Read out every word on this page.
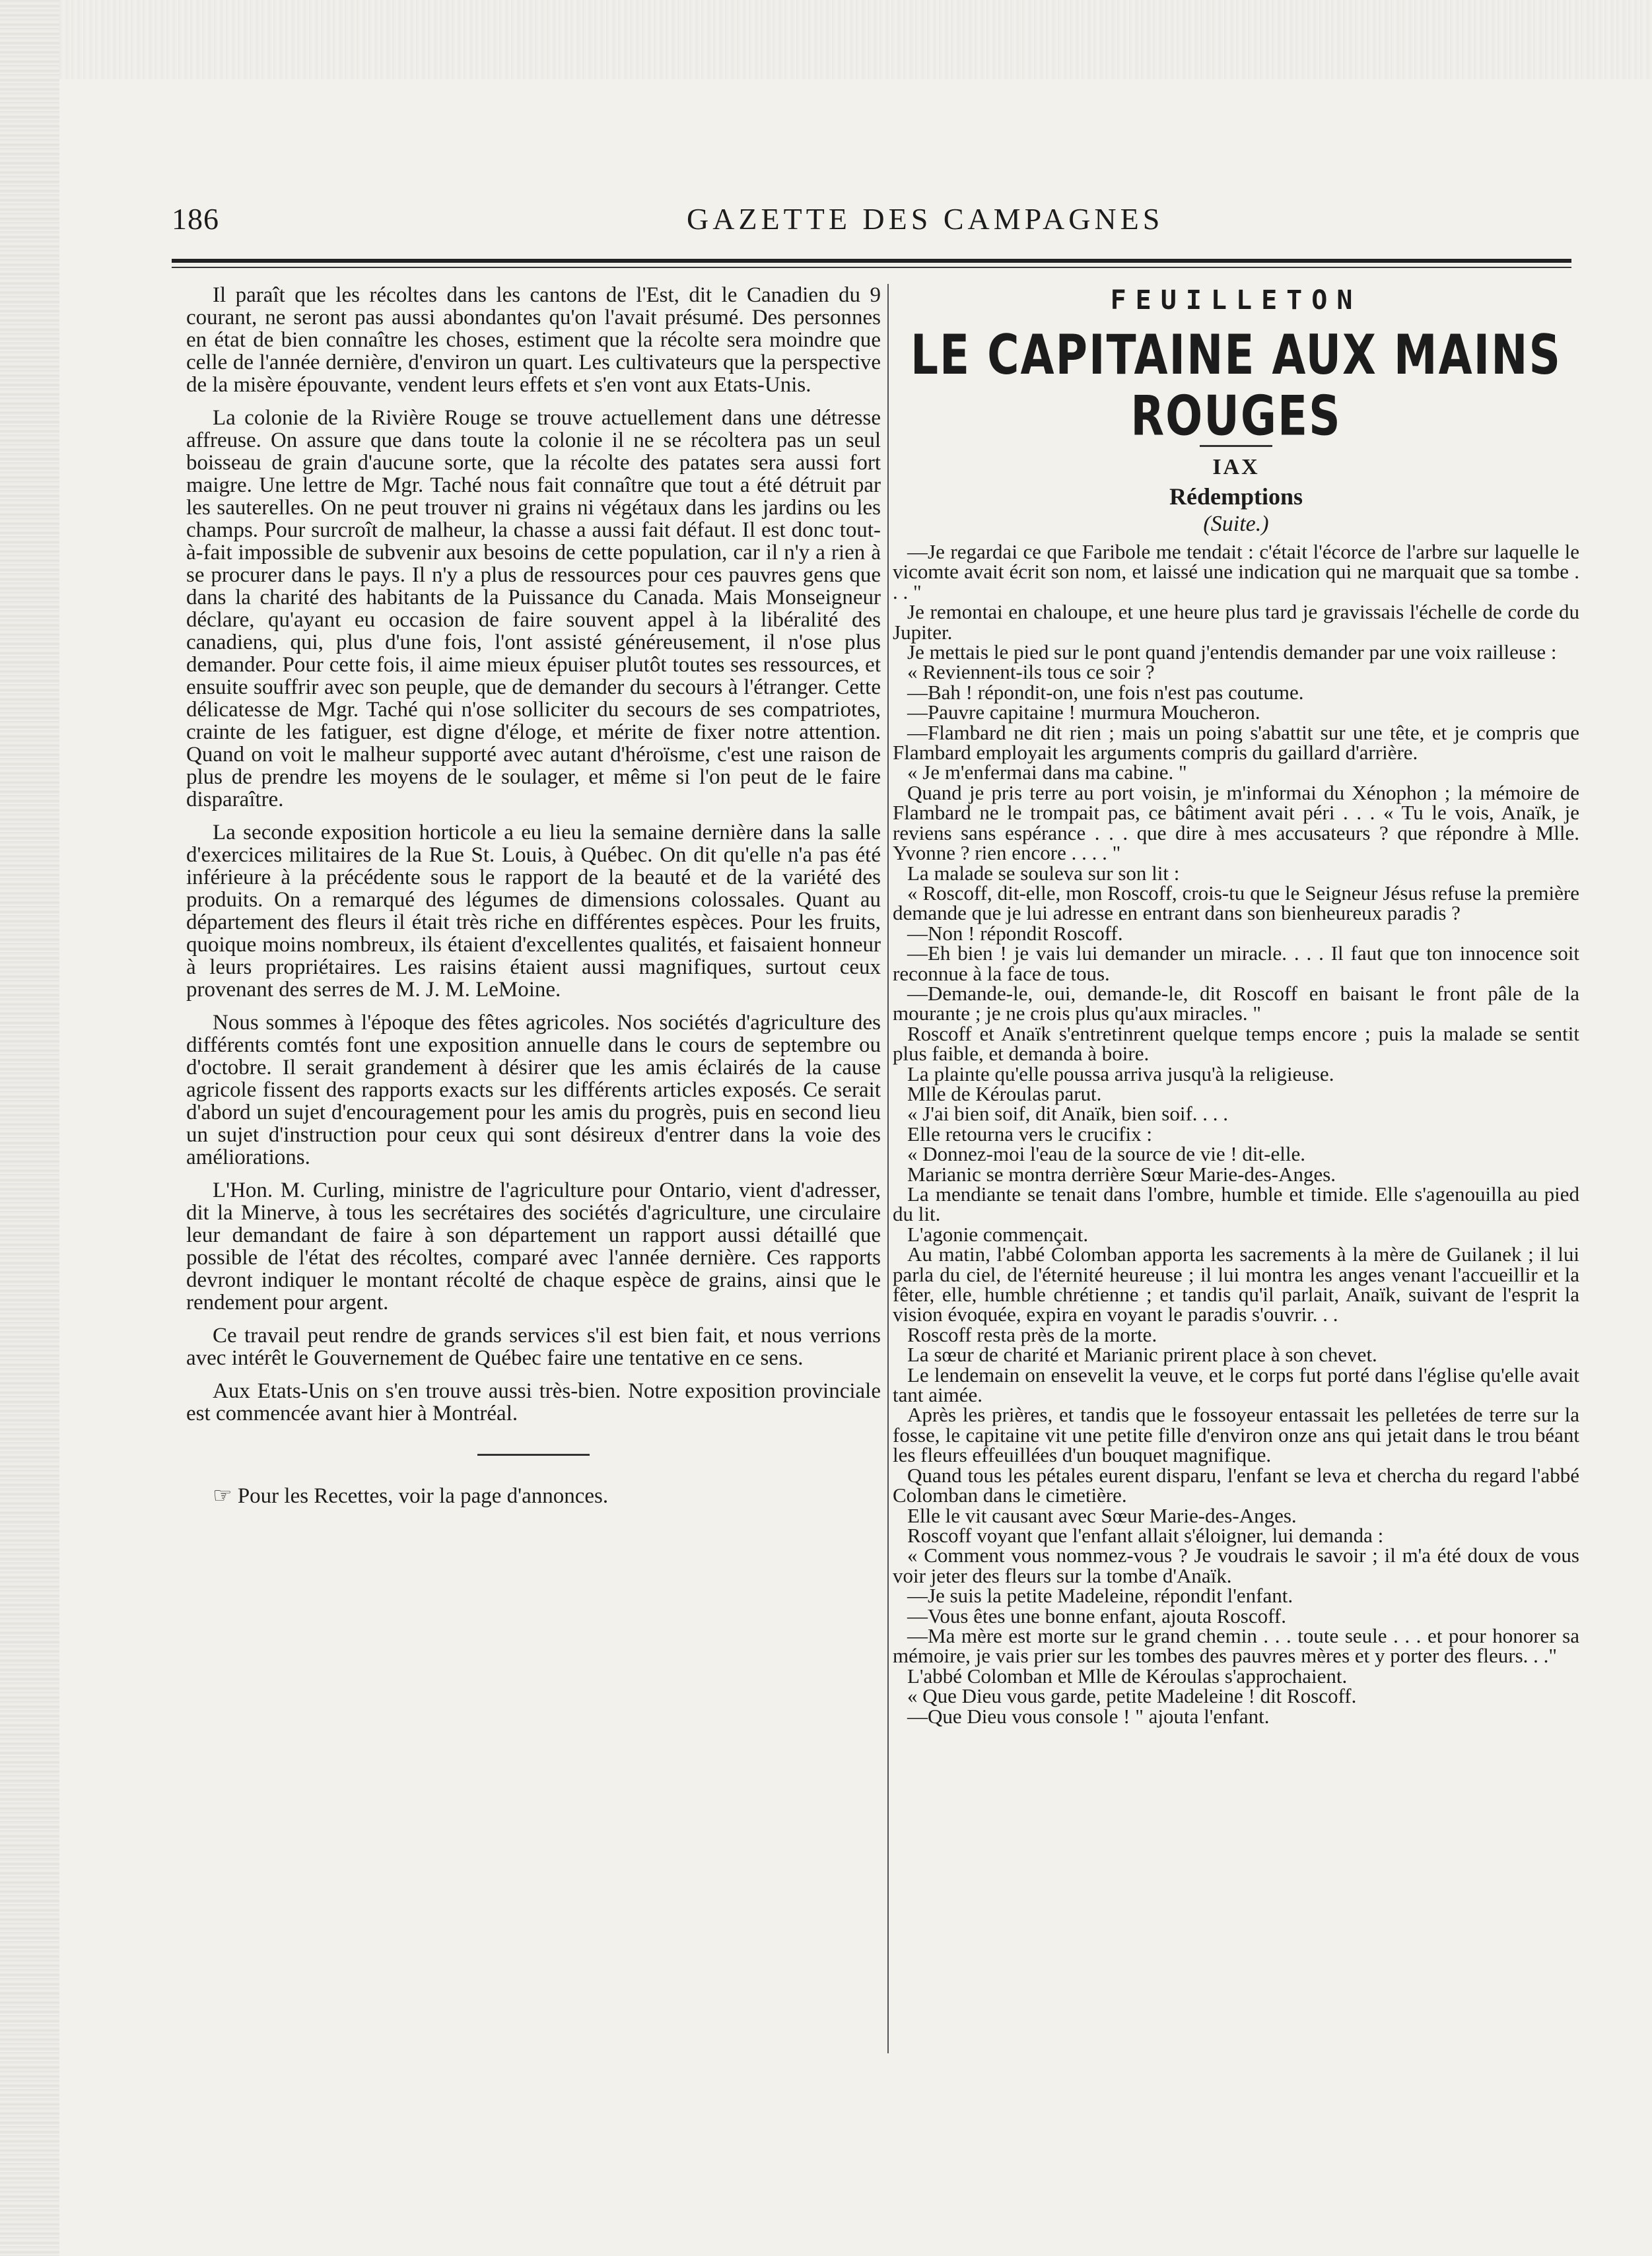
186	GAZETTE DES CAMPAGNES

Il paraît que les récoltes dans les cantons de l'Est, dit le Canadien du 9 courant, ne seront pas aussi abondantes qu'on l'avait présumé. Des personnes en état de bien connaître les choses, estiment que la récolte sera moindre que celle de l'année dernière, d'environ un quart. Les cultivateurs que la perspective de la misère épouvante, vendent leurs effets et s'en vont aux Etats-Unis.

La colonie de la Rivière Rouge se trouve actuellement dans une détresse affreuse. On assure que dans toute la colonie il ne se récoltera pas un seul boisseau de grain d'aucune sorte, que la récolte des patates sera aussi fort maigre. Une lettre de Mgr. Taché nous fait connaître que tout a été détruit par les sauterelles. On ne peut trouver ni grains ni végétaux dans les jardins ou les champs. Pour surcroît de malheur, la chasse a aussi fait défaut. Il est donc tout-à-fait impossible de subvenir aux besoins de cette population, car il n'y a rien à se procurer dans le pays. Il n'y a plus de ressources pour ces pauvres gens que dans la charité des habitants de la Puissance du Canada. Mais Monseigneur déclare, qu'ayant eu occasion de faire souvent appel à la libéralité des canadiens, qui, plus d'une fois, l'ont assisté généreusement, il n'ose plus demander. Pour cette fois, il aime mieux épuiser plutôt toutes ses ressources, et ensuite souffrir avec son peuple, que de demander du secours à l'étranger. Cette délicatesse de Mgr. Taché qui n'ose solliciter du secours de ses compatriotes, crainte de les fatiguer, est digne d'éloge, et mérite de fixer notre attention. Quand on voit le malheur supporté avec autant d'héroïsme, c'est une raison de plus de prendre les moyens de le soulager, et même si l'on peut de le faire disparaître.

La seconde exposition horticole a eu lieu la semaine dernière dans la salle d'exercices militaires de la Rue St. Louis, à Québec. On dit qu'elle n'a pas été inférieure à la précédente sous le rapport de la beauté et de la variété des produits. On a remarqué des légumes de dimensions colossales. Quant au département des fleurs il était très riche en différentes espèces. Pour les fruits, quoique moins nombreux, ils étaient d'excellentes qualités, et faisaient honneur à leurs propriétaires. Les raisins étaient aussi magnifiques, surtout ceux provenant des serres de M. J. M. LeMoine.

Nous sommes à l'époque des fêtes agricoles. Nos sociétés d'agriculture des différents comtés font une exposition annuelle dans le cours de septembre ou d'octobre. Il serait grandement à désirer que les amis éclairés de la cause agricole fissent des rapports exacts sur les différents articles exposés. Ce serait d'abord un sujet d'encouragement pour les amis du progrès, puis en second lieu un sujet d'instruction pour ceux qui sont désireux d'entrer dans la voie des améliorations.

L'Hon. M. Curling, ministre de l'agriculture pour Ontario, vient d'adresser, dit la Minerve, à tous les secrétaires des sociétés d'agriculture, une circulaire leur demandant de faire à son département un rapport aussi détaillé que possible de l'état des récoltes, comparé avec l'année dernière. Ces rapports devront indiquer le montant récolté de chaque espèce de grains, ainsi que le rendement pour argent.

Ce travail peut rendre de grands services s'il est bien fait, et nous verrions avec intérêt le Gouvernement de Québec faire une tentative en ce sens.

Aux Etats-Unis on s'en trouve aussi très-bien. Notre exposition provinciale est commencée avant hier à Montréal.

☞ Pour les Recettes, voir la page d'annonces.

FEUILLETON
LE CAPITAINE AUX MAINS ROUGES
IAX
Rédemptions
(Suite.)

—Je regardai ce que Faribole me tendait : c'était l'écorce de l'arbre sur laquelle le vicomte avait écrit son nom, et laissé une indication qui ne marquait que sa tombe . . . "

Je remontai en chaloupe, et une heure plus tard je gravissais l'échelle de corde du Jupiter.

Je mettais le pied sur le pont quand j'entendis demander par une voix railleuse :

« Reviennent-ils tous ce soir ?

—Bah ! répondit-on, une fois n'est pas coutume.

—Pauvre capitaine ! murmura Moucheron.

—Flambard ne dit rien ; mais un poing s'abattit sur une tête, et je compris que Flambard employait les arguments compris du gaillard d'arrière.

« Je m'enfermai dans ma cabine. "

Quand je pris terre au port voisin, je m'informai du Xénophon ; la mémoire de Flambard ne le trompait pas, ce bâtiment avait péri . . . « Tu le vois, Anaïk, je reviens sans espérance . . . que dire à mes accusateurs ? que répondre à Mlle. Yvonne ? rien encore . . . . "

La malade se souleva sur son lit :

« Roscoff, dit-elle, mon Roscoff, crois-tu que le Seigneur Jésus refuse la première demande que je lui adresse en entrant dans son bienheureux paradis ?

—Non ! répondit Roscoff.

—Eh bien ! je vais lui demander un miracle. . . . Il faut que ton innocence soit reconnue à la face de tous.

—Demande-le, oui, demande-le, dit Roscoff en baisant le front pâle de la mourante ; je ne crois plus qu'aux miracles. "

Roscoff et Anaïk s'entretinrent quelque temps encore ; puis la malade se sentit plus faible, et demanda à boire.

La plainte qu'elle poussa arriva jusqu'à la religieuse.

Mlle de Kéroulas parut.

« J'ai bien soif, dit Anaïk, bien soif. . . .

Elle retourna vers le crucifix :

« Donnez-moi l'eau de la source de vie ! dit-elle.

Marianic se montra derrière Sœur Marie-des-Anges.

La mendiante se tenait dans l'ombre, humble et timide. Elle s'agenouilla au pied du lit.

L'agonie commençait.

Au matin, l'abbé Colomban apporta les sacrements à la mère de Guilanek ; il lui parla du ciel, de l'éternité heureuse ; il lui montra les anges venant l'accueillir et la fêter, elle, humble chrétienne ; et tandis qu'il parlait, Anaïk, suivant de l'esprit la vision évoquée, expira en voyant le paradis s'ouvrir. . .

Roscoff resta près de la morte.

La sœur de charité et Marianic prirent place à son chevet.

Le lendemain on ensevelit la veuve, et le corps fut porté dans l'église qu'elle avait tant aimée.

Après les prières, et tandis que le fossoyeur entassait les pelletées de terre sur la fosse, le capitaine vit une petite fille d'environ onze ans qui jetait dans le trou béant les fleurs effeuillées d'un bouquet magnifique.

Quand tous les pétales eurent disparu, l'enfant se leva et chercha du regard l'abbé Colomban dans le cimetière.

Elle le vit causant avec Sœur Marie-des-Anges.

Roscoff voyant que l'enfant allait s'éloigner, lui demanda :

« Comment vous nommez-vous ? Je voudrais le savoir ; il m'a été doux de vous voir jeter des fleurs sur la tombe d'Anaïk.

—Je suis la petite Madeleine, répondit l'enfant.

—Vous êtes une bonne enfant, ajouta Roscoff.

—Ma mère est morte sur le grand chemin . . . toute seule . . . et pour honorer sa mémoire, je vais prier sur les tombes des pauvres mères et y porter des fleurs. . ."

L'abbé Colomban et Mlle de Kéroulas s'approchaient.

« Que Dieu vous garde, petite Madeleine ! dit Roscoff.

—Que Dieu vous console ! " ajouta l'enfant.
